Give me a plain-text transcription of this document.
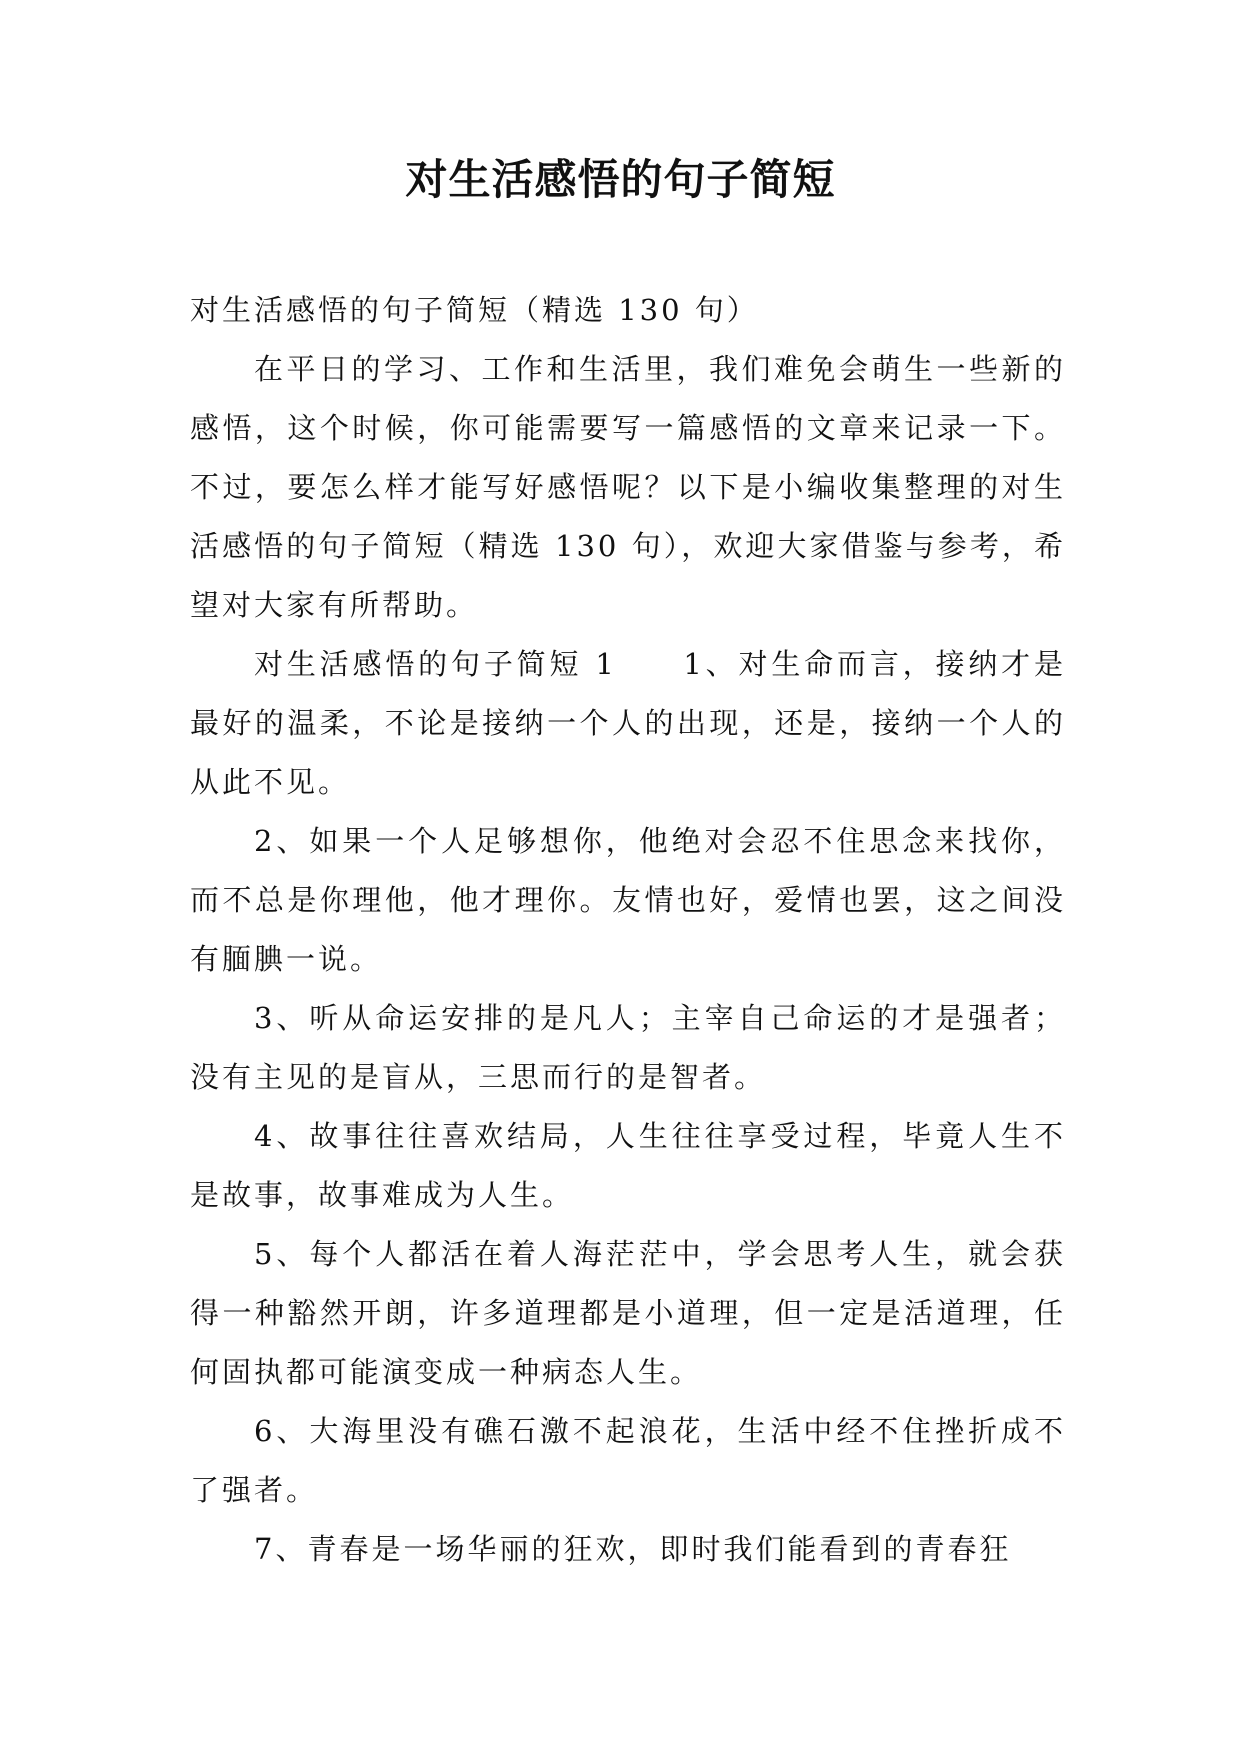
对生活感悟的句子简短

对生活感悟的句子简短（精选 130 句）

在平日的学习、工作和生活里，我们难免会萌生一些新的感悟，这个时候，你可能需要写一篇感悟的文章来记录一下。不过，要怎么样才能写好感悟呢？以下是小编收集整理的对生活感悟的句子简短（精选 130 句），欢迎大家借鉴与参考，希望对大家有所帮助。

对生活感悟的句子简短 1　　1、对生命而言，接纳才是最好的温柔，不论是接纳一个人的出现，还是，接纳一个人的从此不见。

2、如果一个人足够想你，他绝对会忍不住思念来找你，而不总是你理他，他才理你。友情也好，爱情也罢，这之间没有腼腆一说。

3、听从命运安排的是凡人；主宰自己命运的才是强者；没有主见的是盲从，三思而行的是智者。

4、故事往往喜欢结局，人生往往享受过程，毕竟人生不是故事，故事难成为人生。

5、每个人都活在着人海茫茫中，学会思考人生，就会获得一种豁然开朗，许多道理都是小道理，但一定是活道理，任何固执都可能演变成一种病态人生。

6、大海里没有礁石激不起浪花，生活中经不住挫折成不了强者。

7、青春是一场华丽的狂欢，即时我们能看到的青春狂
